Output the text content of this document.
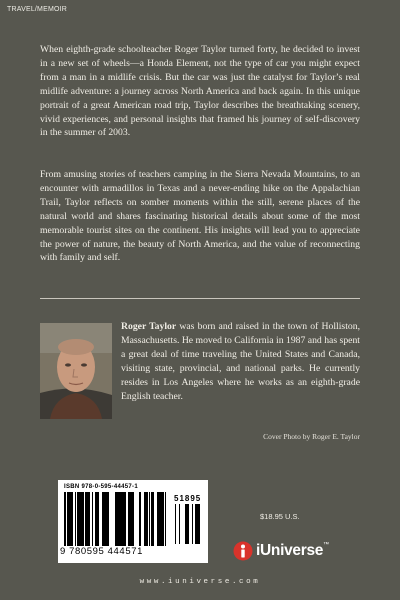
TRAVEL/MEMOIR

When eighth-grade schoolteacher Roger Taylor turned forty, he decided to invest in a new set of wheels—a Honda Element, not the type of car you might expect from a man in a midlife crisis. But the car was just the catalyst for Taylor’s real midlife adventure: a journey across North America and back again. In this unique portrait of a great American road trip, Taylor describes the breathtaking scenery, vivid experiences, and personal insights that framed his journey of self-discovery in the summer of 2003.

From amusing stories of teachers camping in the Sierra Nevada Mountains, to an encounter with armadillos in Texas and a never-ending hike on the Appalachian Trail, Taylor reflects on somber moments within the still, serene places of the natural world and shares fascinating historical details about some of the most memorable tourist sites on the continent. His insights will lead you to appreciate the power of nature, the beauty of North America, and the value of reconnecting with family and self.

Roger Taylor was born and raised in the town of Holliston, Massachusetts. He moved to California in 1987 and has spent a great deal of time traveling the United States and Canada, visiting state, provincial, and national parks. He currently resides in Los Angeles where he works as an eighth-grade English teacher.

Cover Photo by Roger E. Taylor
ISBN 978-0-595-44457-1
9 780595 444571
51895
$18.95 U.S.
iUniverse™
www.iuniverse.com
